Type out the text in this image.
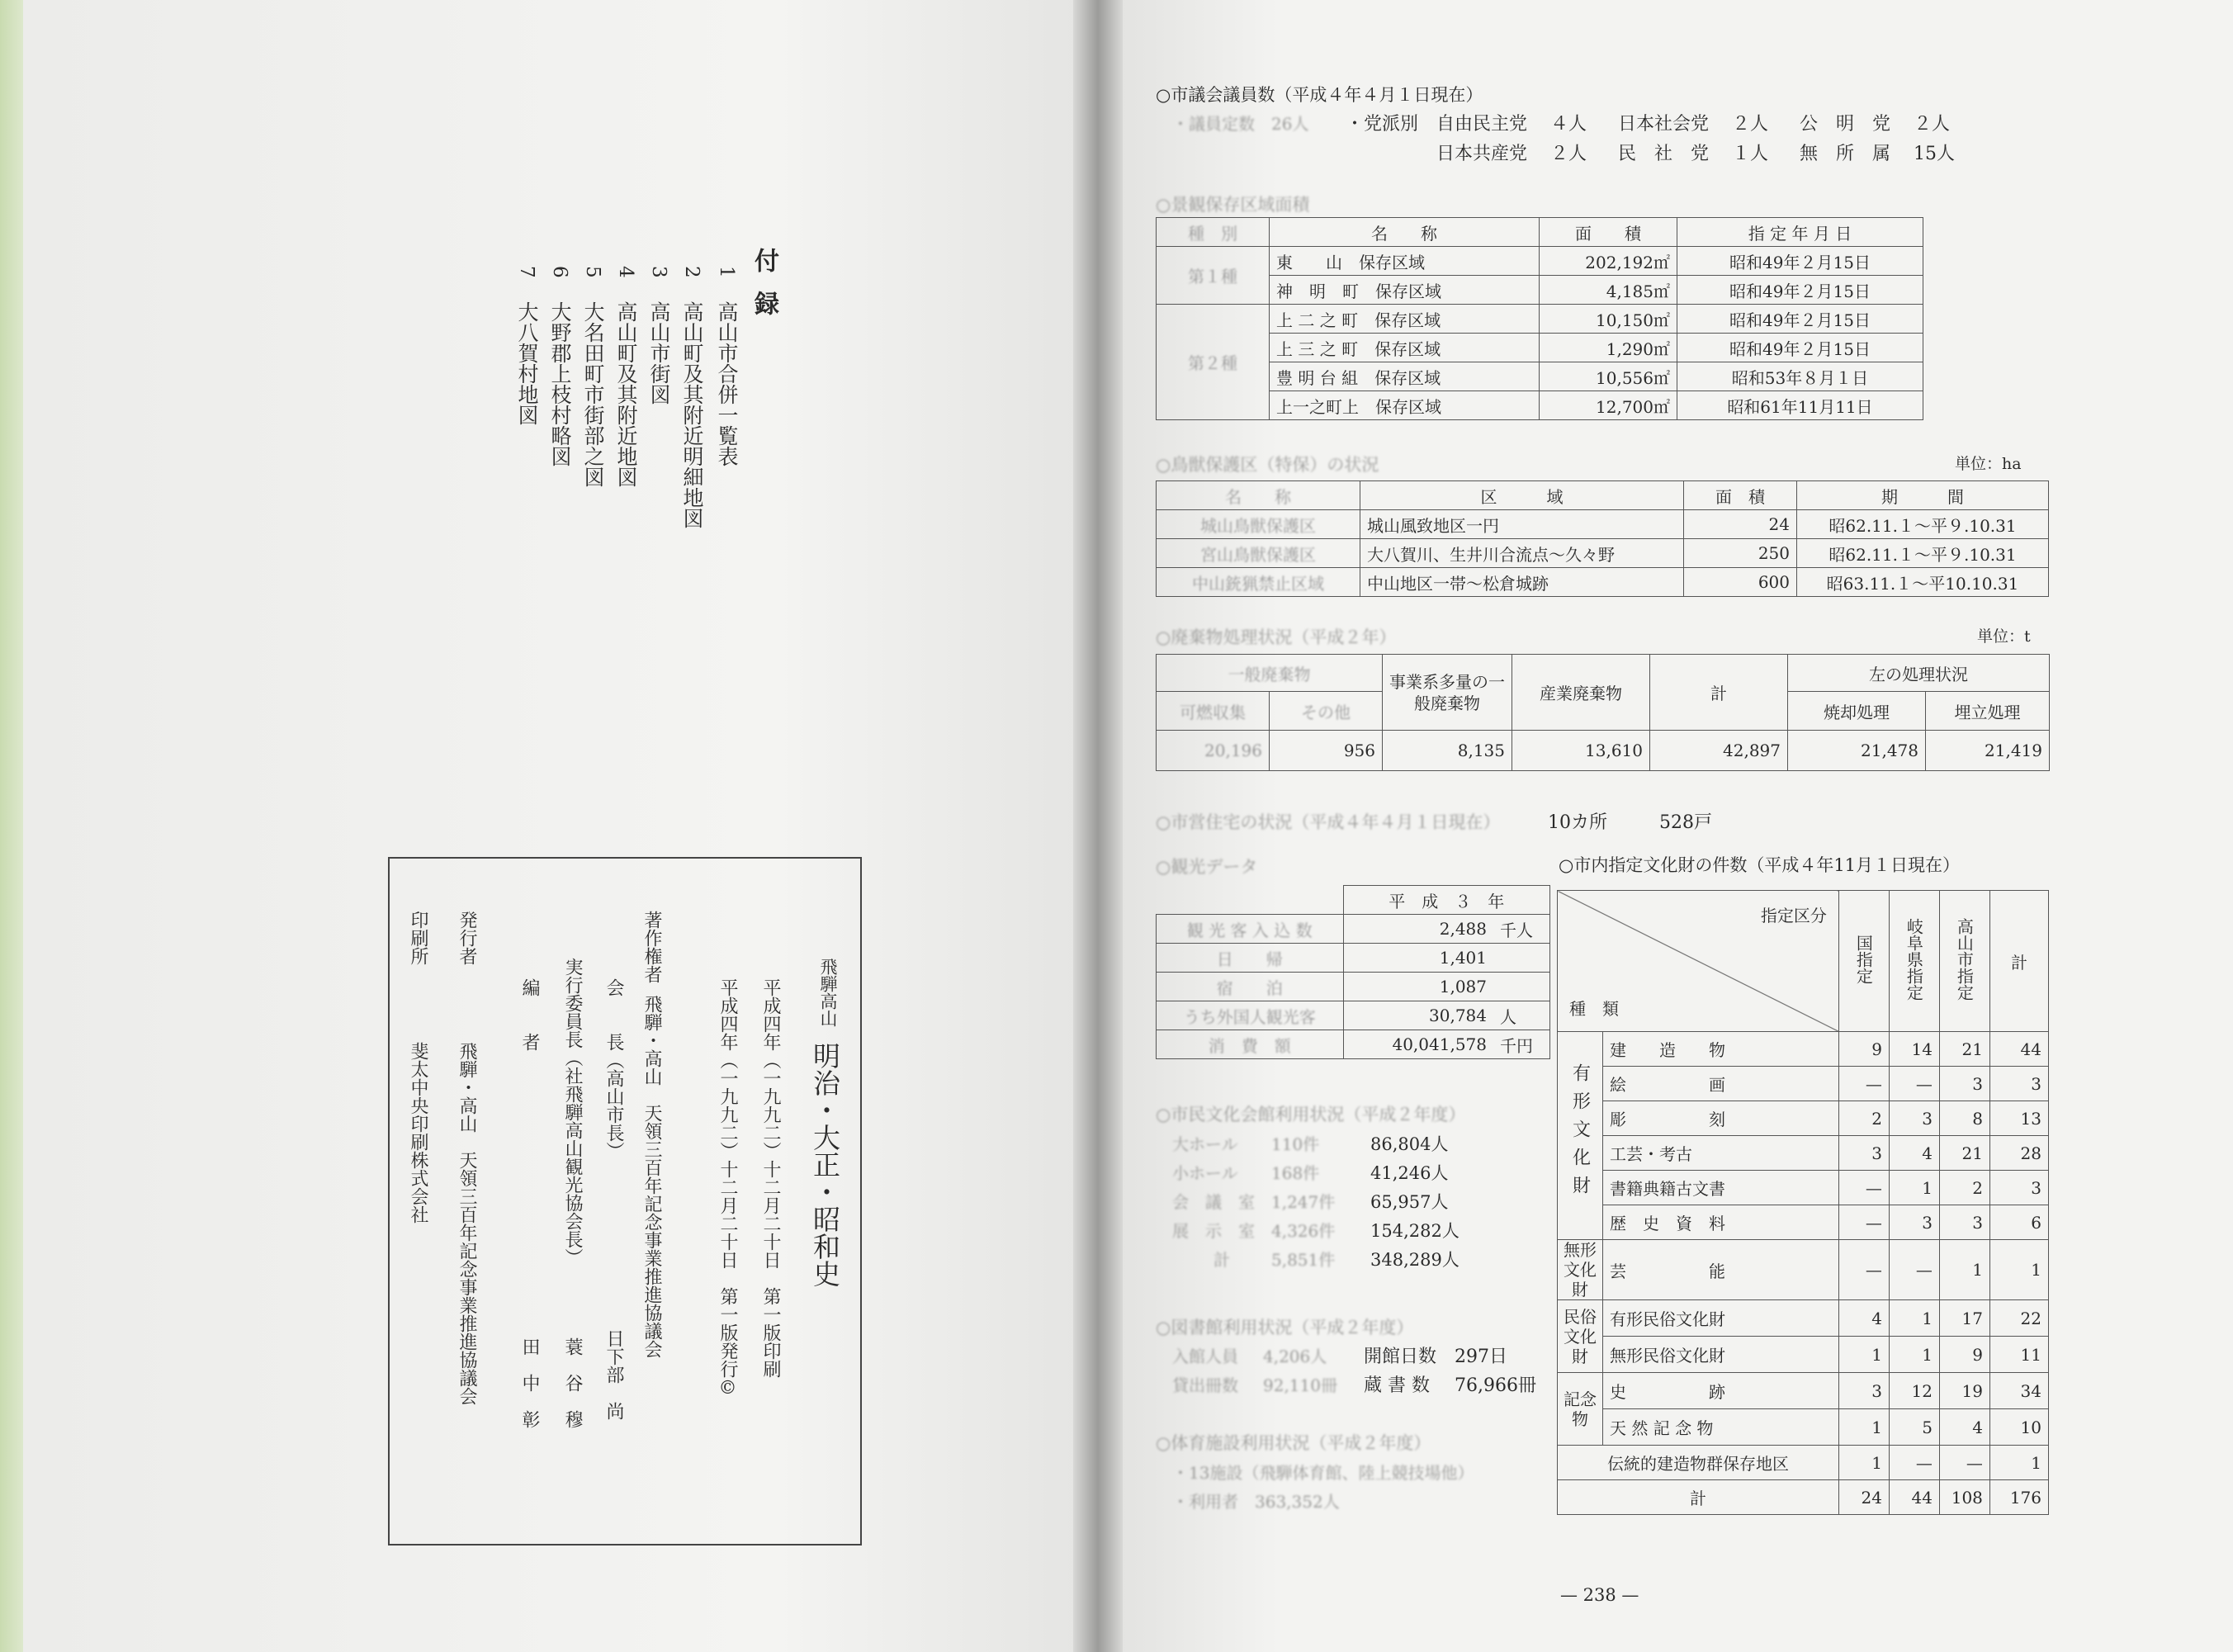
付録
1
高山市合併一覧表
2
高山町及其附近明細地図
3
高山市街図
4
高山町及其附近地図
5
大名田町市街部之図
6
大野郡上枝村略図
7
大八賀村地図
飛騨高山
明治・大正・昭和史
平成四年（一九九二）十二月二十日　第一版印刷
平成四年（一九九二）十二月二十日　第一版発行©
著作権者
飛騨・高山　天領三百年記念事業推進協議会
会　　長（高山市長）
日下部　尚
実行委員長（社飛騨高山観光協会長）
蓑　谷　穆
編　　者
田　中　彰
発行者
飛騨・高山　天領三百年記念事業推進協議会
印刷所
斐太中央印刷株式会社
○市議会議員数（平成４年４月１日現在）
・議員定数　26人 ・党派別 自由民主党 ４人 日本社会党 ２人 公　明　党 ２人
日本共産党 ２人 民　社　党 １人 無　所　属 15人
○景観保存区域面積
種　別	名　　称	面　　積	指 定 年 月 日
第１種	東　　山　保存区域	202,192㎡	昭和49年２月15日
	神　明　町　保存区域	4,185㎡	昭和49年２月15日
第２種	上 二 之 町　保存区域	10,150㎡	昭和49年２月15日
	上 三 之 町　保存区域	1,290㎡	昭和49年２月15日
	豊 明 台 組　保存区域	10,556㎡	昭和53年８月１日
	上一之町上　保存区域	12,700㎡	昭和61年11月11日
○鳥獣保護区（特保）の状況	単位：ha
名　　称	区　　　域	面　積	期　　　間
城山鳥獣保護区	城山風致地区一円	24	昭62.11.１～平９.10.31
宮山鳥獣保護区	大八賀川、生井川合流点～久々野	250	昭62.11.１～平９.10.31
中山銃猟禁止区域	中山地区一帯～松倉城跡	600	昭63.11.１～平10.10.31
○廃棄物処理状況（平成２年）	単位：t
一般廃棄物		事業系多量の一般廃棄物	産業廃棄物	計	左の処理状況	
可燃収集	その他				焼却処理	埋立処理
20,196	956	8,135	13,610	42,897	21,478	21,419
○市営住宅の状況（平成４年４月１日現在）	10カ所	528戸
○観光データ
	平　成　３　年	
観 光 客 入 込 数	2,488	千人
日　　帰	1,401	
宿　　泊	1,087	
うち外国人観光客	30,784	人
消　費　額	40,041,578	千円
○市民文化会館利用状況（平成２年度）
大ホール 110件	86,804人
小ホール 168件	41,246人
会　議　室 1,247件 65,957人
展　示　室 4,326件 154,282人
計	5,851件 348,289人
○図書館利用状況（平成２年度）
入館人員 4,206人 開館日数 297日
貸出冊数 92,110冊 蔵 書 数 76,966冊
○体育施設利用状況（平成２年度）
・13施設（飛騨体育館、陸上競技場他）
・利用者　363,352人
○市内指定文化財の件数（平成４年11月１日現在）
指定区分
種　類		国指定	岐阜県指定	高山市指定	計
有形文化財	建　　造　　物	9	14	21	44
	絵　　　　　画	—	—	3	3
	彫　　　　　刻	2	3	8	13
	工芸・考古	3	4	21	28
	書籍典籍古文書	—	1	2	3
	歴　史　資　料	—	3	3	6
無形文化財	芸　　　　　能	—	—	1	1
民俗文化財	有形民俗文化財	4	1	17	22
	無形民俗文化財	1	1	9	11
記念物	史　　　　　跡	3	12	19	34
	天 然 記 念 物	1	5	4	10
伝統的建造物群保存地区		1	—	—	1
計		24	44	108	176
— 238 —
